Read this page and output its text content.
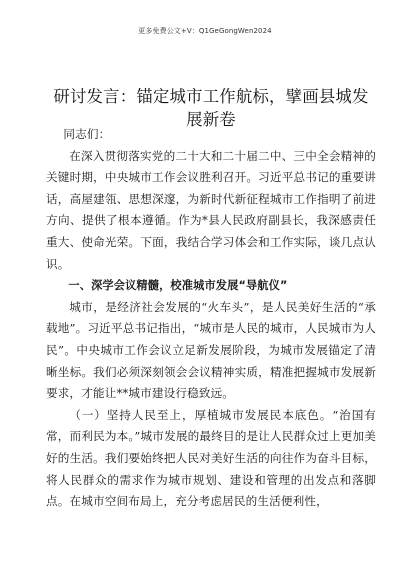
更多免费公文+V：Q1GeGongWen2024
研讨发言：锚定城市工作航标，擘画县城发展新卷

同志们：

在深入贯彻落实党的二十大和二十届二中、三中全会精神的关键时期，中央城市工作会议胜利召开。习近平总书记的重要讲话，高屋建瓴、思想深邃，为新时代新征程城市工作指明了前进方向、提供了根本遵循。作为*县人民政府副县长，我深感责任重大、使命光荣。下面，我结合学习体会和工作实际，谈几点认识。

一、深学会议精髓，校准城市发展“导航仪”

城市，是经济社会发展的“火车头”，是人民美好生活的“承载地”。习近平总书记指出，“城市是人民的城市，人民城市为人民”。中央城市工作会议立足新发展阶段，为城市发展锚定了清晰坐标。我们必须深刻领会会议精神实质，精准把握城市发展新要求，才能让**城市建设行稳致远。

（一）坚持人民至上，厚植城市发展民本底色。“治国有常，而利民为本。”城市发展的最终目的是让人民群众过上更加美好的生活。我们要始终把人民对美好生活的向往作为奋斗目标，将人民群众的需求作为城市规划、建设和管理的出发点和落脚点。在城市空间布局上，充分考虑居民的生活便利性，
